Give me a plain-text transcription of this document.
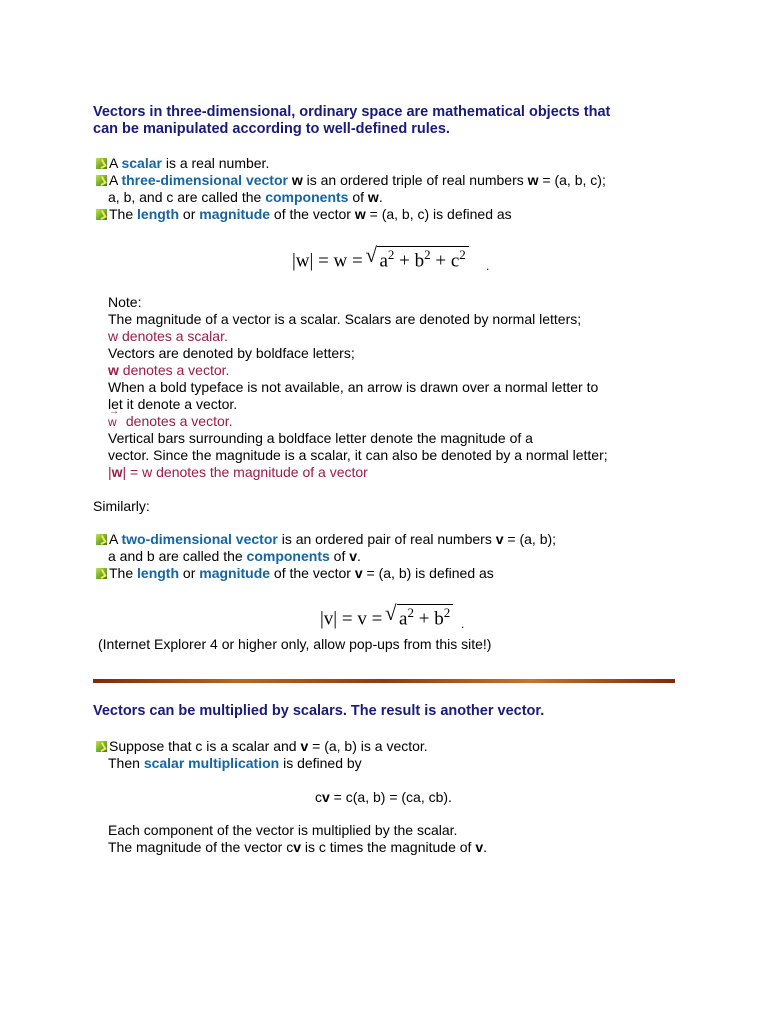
Vectors in three-dimensional, ordinary space are mathematical objects that
can be manipulated according to well-defined rules.
A scalar is a real number.
A three-dimensional vector w is an ordered triple of real numbers w = (a, b, c);
a, b, and c are called the components of w.
The length or magnitude of the vector w = (a, b, c) is defined as
|w| = w = √ $a^2 + b^2 + c^2$
.
Note:
The magnitude of a vector is a scalar. Scalars are denoted by normal letters;
w denotes a scalar.
Vectors are denoted by boldface letters;
w denotes a vector.
When a bold typeface is not available, an arrow is drawn over a normal letter to
let it denote a vector.
→ w denotes a vector.
Vertical bars surrounding a boldface letter denote the magnitude of a
vector. Since the magnitude is a scalar, it can also be denoted by a normal letter;
|w| = w denotes the magnitude of a vector
Similarly:
A two-dimensional vector is an ordered pair of real numbers v = (a, b);
a and b are called the components of v.
The length or magnitude of the vector v = (a, b) is defined as
|v| = v = √ $a^2 + b^2$
.
(Internet Explorer 4 or higher only, allow pop-ups from this site!)
Vectors can be multiplied by scalars. The result is another vector.
Suppose that c is a scalar and v = (a, b) is a vector.
Then scalar multiplication is defined by
cv = c(a, b) = (ca, cb).
Each component of the vector is multiplied by the scalar.
The magnitude of the vector cv is c times the magnitude of v.
